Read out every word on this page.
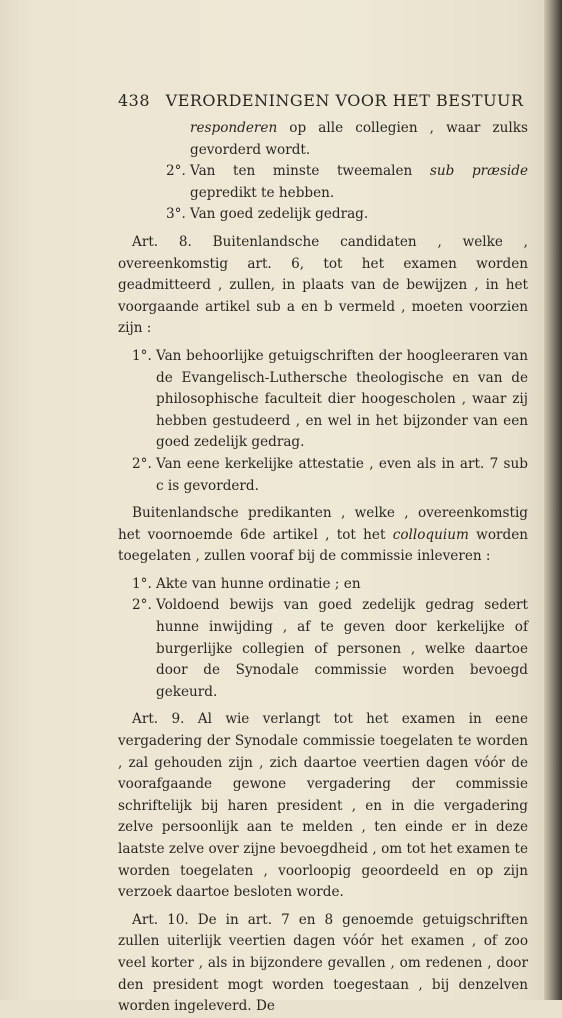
438 VERORDENINGEN VOOR HET BESTUUR

responderen op alle collegien , waar zulks gevorderd wordt.

2°. Van ten minste tweemalen sub præside gepredikt te hebben.
3°. Van goed zedelijk gedrag.

Art. 8. Buitenlandsche candidaten , welke , overeenkomstig art. 6, tot het examen worden geadmitteerd , zullen, in plaats van de bewijzen , in het voorgaande artikel sub a en b vermeld , moeten voorzien zijn :

1°. Van behoorlijke getuigschriften der hoogleeraren van de Evangelisch-Luthersche theologische en van de philosophische faculteit dier hoogescholen , waar zij hebben gestudeerd , en wel in het bijzonder van een goed zedelijk gedrag.
2°. Van eene kerkelijke attestatie , even als in art. 7 sub c is gevorderd.

Buitenlandsche predikanten , welke , overeenkomstig het voornoemde 6de artikel , tot het colloquium worden toegelaten , zullen vooraf bij de commissie inleveren :

1°. Akte van hunne ordinatie ; en
2°. Voldoend bewijs van goed zedelijk gedrag sedert hunne inwijding , af te geven door kerkelijke of burgerlijke collegien of personen , welke daartoe door de Synodale commissie worden bevoegd gekeurd.

Art. 9. Al wie verlangt tot het examen in eene vergadering der Synodale commissie toegelaten te worden , zal gehouden zijn , zich daartoe veertien dagen vóór de voorafgaande gewone vergadering der commissie schriftelijk bij haren president , en in die vergadering zelve persoonlijk aan te melden , ten einde er in deze laatste zelve over zijne bevoegdheid , om tot het examen te worden toegelaten , voorloopig geoordeeld en op zijn verzoek daartoe besloten worde.

Art. 10. De in art. 7 en 8 genoemde getuigschriften zullen uiterlijk veertien dagen vóór het examen , of zoo veel korter , als in bijzondere gevallen , om redenen , door den president mogt worden toegestaan , bij denzelven worden ingeleverd. De
